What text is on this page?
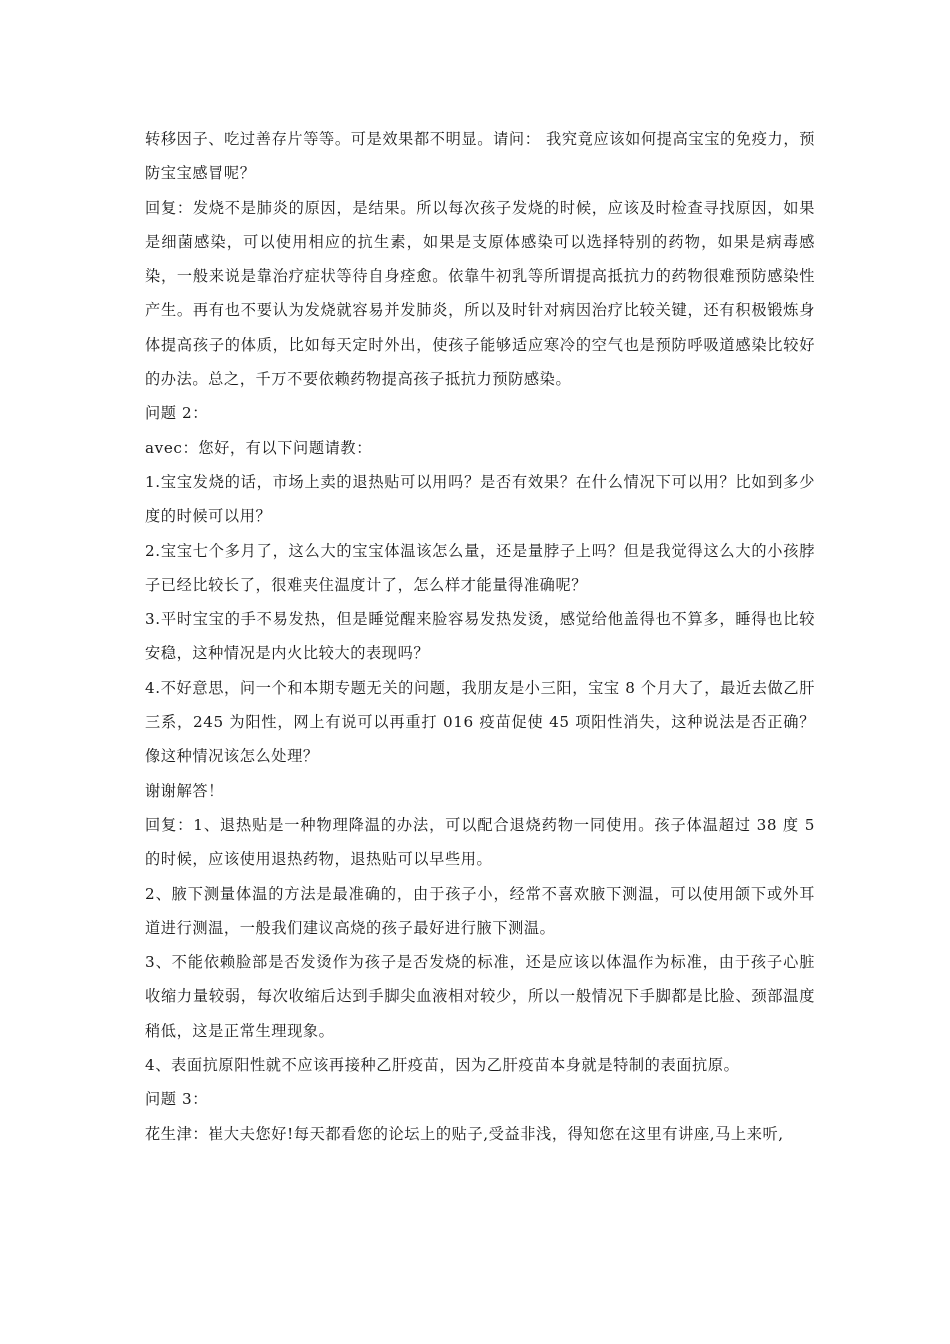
转移因子、吃过善存片等等。可是效果都不明显。请问： 我究竟应该如何提高宝宝的免疫力，预防宝宝感冒呢？

回复：发烧不是肺炎的原因，是结果。所以每次孩子发烧的时候，应该及时检查寻找原因，如果是细菌感染，可以使用相应的抗生素，如果是支原体感染可以选择特别的药物，如果是病毒感染，一般来说是靠治疗症状等待自身痊愈。依靠牛初乳等所谓提高抵抗力的药物很难预防感染性产生。再有也不要认为发烧就容易并发肺炎，所以及时针对病因治疗比较关键，还有积极锻炼身体提高孩子的体质，比如每天定时外出，使孩子能够适应寒冷的空气也是预防呼吸道感染比较好的办法。总之，千万不要依赖药物提高孩子抵抗力预防感染。

问题 2：

avec：您好，有以下问题请教：

1.宝宝发烧的话，市场上卖的退热贴可以用吗？是否有效果？在什么情况下可以用？比如到多少度的时候可以用？

2.宝宝七个多月了，这么大的宝宝体温该怎么量，还是量脖子上吗？但是我觉得这么大的小孩脖子已经比较长了，很难夹住温度计了，怎么样才能量得准确呢？

3.平时宝宝的手不易发热，但是睡觉醒来脸容易发热发烫，感觉给他盖得也不算多，睡得也比较安稳，这种情况是内火比较大的表现吗？

4.不好意思，问一个和本期专题无关的问题，我朋友是小三阳，宝宝 8 个月大了，最近去做乙肝三系，245 为阳性，网上有说可以再重打 016 疫苗促使 45 项阳性消失，这种说法是否正确？像这种情况该怎么处理？

谢谢解答！

回复：1、退热贴是一种物理降温的办法，可以配合退烧药物一同使用。孩子体温超过 38 度 5 的时候，应该使用退热药物，退热贴可以早些用。

2、腋下测量体温的方法是最准确的，由于孩子小，经常不喜欢腋下测温，可以使用颌下或外耳道进行测温，一般我们建议高烧的孩子最好进行腋下测温。

3、不能依赖脸部是否发烫作为孩子是否发烧的标准，还是应该以体温作为标准，由于孩子心脏收缩力量较弱，每次收缩后达到手脚尖血液相对较少，所以一般情况下手脚都是比脸、颈部温度稍低，这是正常生理现象。

4、表面抗原阳性就不应该再接种乙肝疫苗，因为乙肝疫苗本身就是特制的表面抗原。

问题 3：

花生津：崔大夫您好!每天都看您的论坛上的贴子,受益非浅，得知您在这里有讲座,马上来听,
